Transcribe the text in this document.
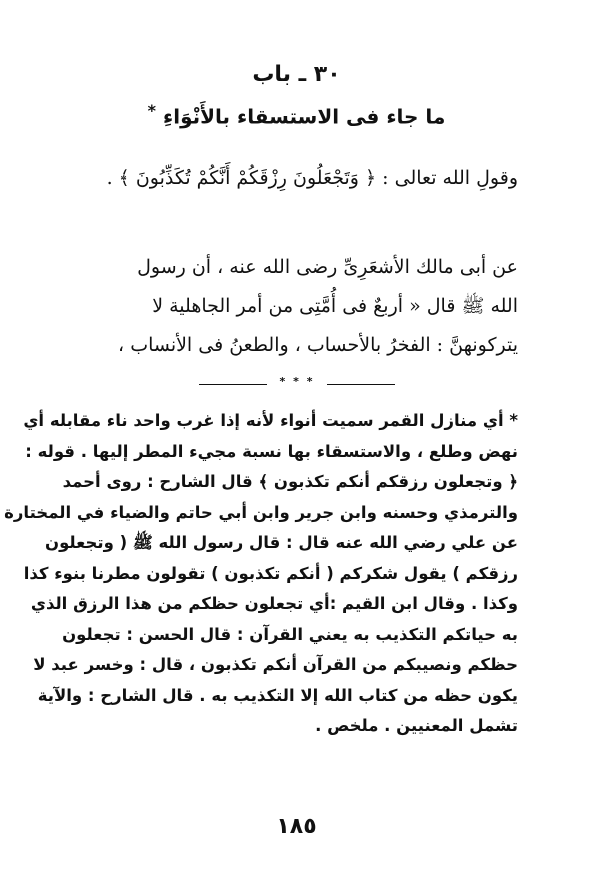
٣٠ ـ باب
ما جاء فى الاستسقاء بالأَنْوَاءِ *
وقولِ الله تعالى : ﴿ وَتَجْعَلُونَ رِزْقَكُمْ أَنَّكُمْ تُكَذِّبُونَ ﴾ .
عن أبى مالك الأشعَرِىِّ رضى الله عنه ، أن رسول
الله ﷺ قال « أربعٌ فى أُمَّتِى من أمر الجاهلية لا
يتركونهنَّ : الفخرُ بالأحساب ، والطعنُ فى الأنساب ،
* * *
* أي منازل القمر سميت أنواء لأنه إذا غرب واحد ناء مقابله أي
نهض وطلع ، والاستسقاء بها نسبة مجيء المطر إليها . قوله :
﴿ وتجعلون رزقكم أنكم تكذبون ﴾ قال الشارح : روى أحمد
والترمذي وحسنه وابن جرير وابن أبي حاتم والضياء في المختارة
عن علي رضي الله عنه قال : قال رسول الله ﷺ ( وتجعلون
رزقكم ) يقول شكركم ( أنكم تكذبون ) تقولون مطرنا بنوء كذا
وكذا . وقال ابن القيم :أي تجعلون حظكم من هذا الرزق الذي
به حياتكم التكذيب به يعني القرآن : قال الحسن : تجعلون
حظكم ونصيبكم من القرآن أنكم تكذبون ، قال : وخسر عبد لا
يكون حظه من كتاب الله إلا التكذيب به . قال الشارح : والآية
تشمل المعنيين . ملخص .
١٨٥
